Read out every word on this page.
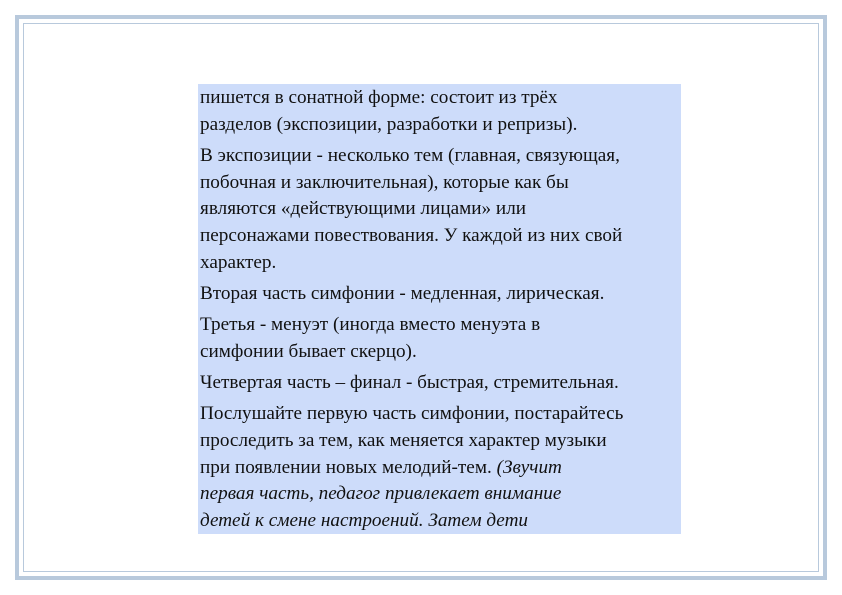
пишется в сонатной форме: состоит из трёх
разделов (экспозиции, разработки и репризы).

В экспозиции - несколько тем (главная, связующая,
побочная и заключительная), которые как бы
являются «действующими лицами» или
персонажами повествования. У каждой из них свой
характер.

Вторая часть симфонии - медленная, лирическая.

Третья - менуэт (иногда вместо менуэта в
симфонии бывает скерцо).

Четвертая часть – финал - быстрая, стремительная.

Послушайте первую часть симфонии, постарайтесь
проследить за тем, как меняется характер музыки
при появлении новых мелодий-тем. (Звучит
первая часть, педагог привлекает внимание
детей к смене настроений. Затем дети
